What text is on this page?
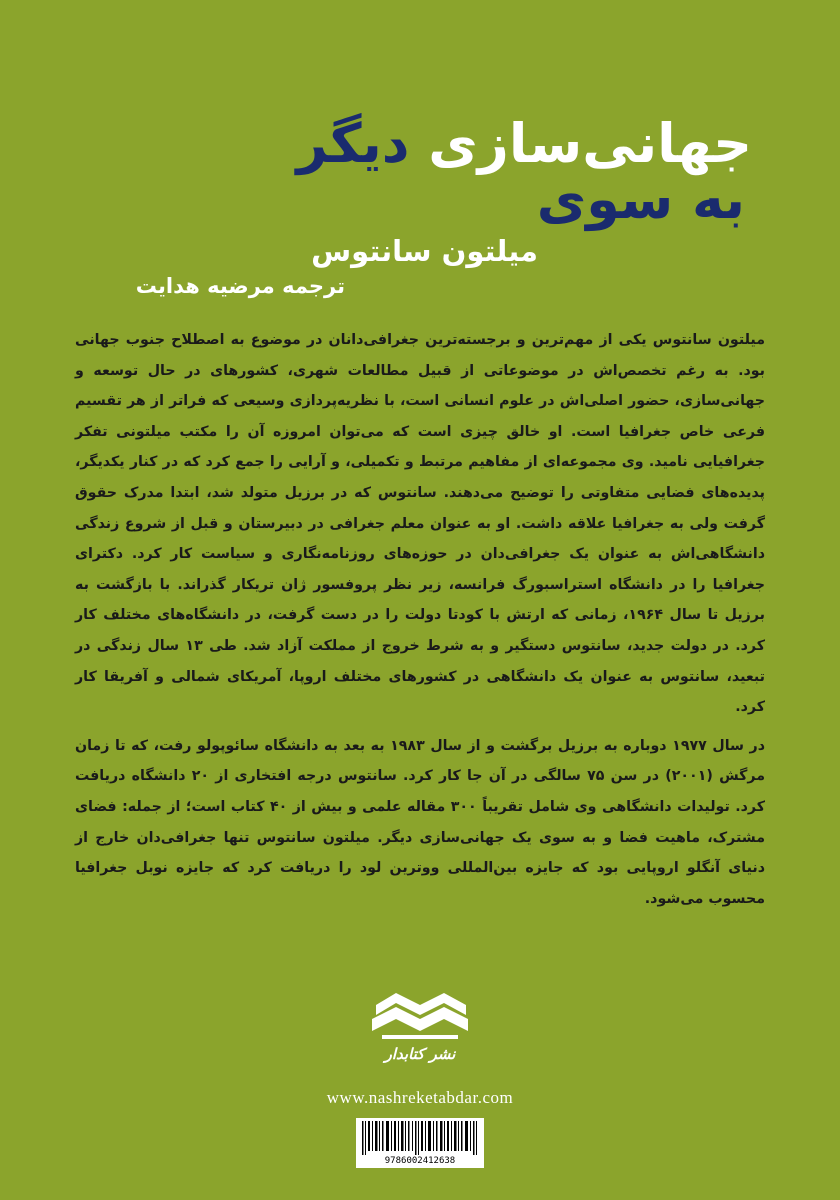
جهانی‌سازی دیگر
به سوی
میلتون سانتوس
ترجمه مرضیه هدایت

میلتون سانتوس یکی از مهم‌ترین و برجسته‌ترین جغرافی‌دانان در موضوع به اصطلاح جنوب جهانی بود. به رغم تخصص‌اش در موضوعاتی از قبیل مطالعات شهری، کشورهای در حال توسعه و جهانی‌سازی، حضور اصلی‌اش در علوم انسانی است، با نظریه‌پردازی وسیعی که فراتر از هر تقسیم فرعی خاص جغرافیا است. او خالق چیزی است که می‌توان امروزه آن را مکتب میلتونی تفکر جغرافیایی نامید. وی مجموعه‌ای از مفاهیم مرتبط و تکمیلی، و آرایی را جمع کرد که در کنار یکدیگر، پدیده‌های فضایی متفاوتی را توضیح می‌دهند. سانتوس که در برزیل متولد شد، ابتدا مدرک حقوق گرفت ولی به جغرافیا علاقه داشت. او به عنوان معلم جغرافی در دبیرستان و قبل از شروع زندگی دانشگاهی‌اش به عنوان یک جغرافی‌دان در حوزه‌های روزنامه‌نگاری و سیاست کار کرد. دکترای جغرافیا را در دانشگاه استراسبورگ فرانسه، زیر نظر پروفسور ژان تریکار گذراند. با بازگشت به برزیل تا سال ۱۹۶۴، زمانی که ارتش با کودتا دولت را در دست گرفت، در دانشگاه‌های مختلف کار کرد. در دولت جدید، سانتوس دستگیر و به شرط خروج از مملکت آزاد شد. طی ۱۳ سال زندگی در تبعید، سانتوس به عنوان یک دانشگاهی در کشورهای مختلف اروپا، آمریکای شمالی و آفریقا کار کرد.

در سال ۱۹۷۷ دوباره به برزیل برگشت و از سال ۱۹۸۳ به بعد به دانشگاه سائوپولو رفت، که تا زمان مرگش (۲۰۰۱) در سن ۷۵ سالگی در آن جا کار کرد. سانتوس درجه افتخاری از ۲۰ دانشگاه دریافت کرد. تولیدات دانشگاهی وی شامل تقریباً ۳۰۰ مقاله علمی و بیش از ۴۰ کتاب است؛ از جمله: فضای مشترک، ماهیت فضا و به سوی یک جهانی‌سازی دیگر. میلتون سانتوس تنها جغرافی‌دان خارج از دنیای آنگلو اروپایی بود که جایزه بین‌المللی ووترین لود را دریافت کرد که جایزه نوبل جغرافیا محسوب می‌شود.

نشر کتابدار
www.nashreketabdar.com
9786002412638
